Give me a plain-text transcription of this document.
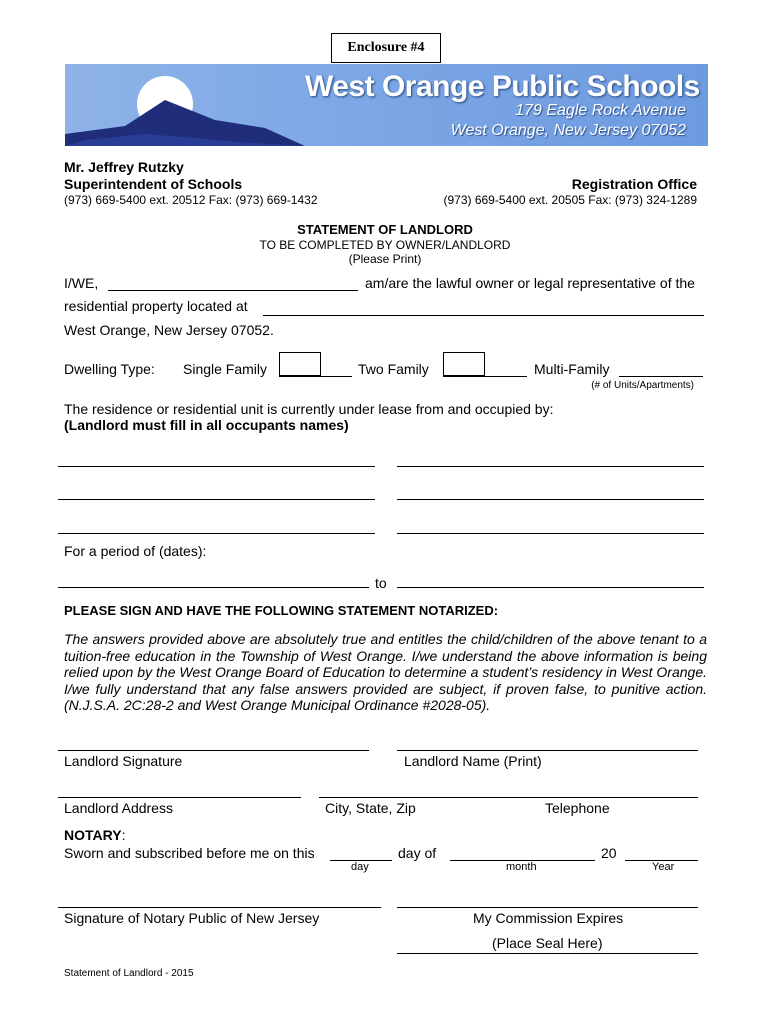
Enclosure #4
West Orange Public Schools
179 Eagle Rock Avenue
West Orange, New Jersey 07052
Mr. Jeffrey Rutzky
Superintendent of Schools
(973) 669-5400 ext. 20512 Fax: (973) 669-1432
Registration Office
(973) 669-5400 ext. 20505 Fax: (973) 324-1289
STATEMENT OF LANDLORD
TO BE COMPLETED BY OWNER/LANDLORD
(Please Print)
I/WE,	am/are the lawful owner or legal representative of the
residential property located at
West Orange, New Jersey 07052.
Dwelling Type: Single Family	Two Family	Multi-Family
(# of Units/Apartments)
The residence or residential unit is currently under lease from and occupied by:
(Landlord must fill in all occupants names)
For a period of (dates):
to
PLEASE SIGN AND HAVE THE FOLLOWING STATEMENT NOTARIZED:
The answers provided above are absolutely true and entitles the child/children of the above tenant to a tuition-free education in the Township of West Orange. I/we understand the above information is being relied upon by the West Orange Board of Education to determine a student’s residency in West Orange. I/we fully understand that any false answers provided are subject, if proven false, to punitive action. (N.J.S.A. 2C:28-2 and West Orange Municipal Ordinance #2028-05).
Landlord Signature	Landlord Name (Print)
Landlord Address	City, State, Zip	Telephone
NOTARY:
Sworn and subscribed before me on this	day of	20
day	month	Year
Signature of Notary Public of New Jersey	My Commission Expires
(Place Seal Here)
Statement of Landlord - 2015
